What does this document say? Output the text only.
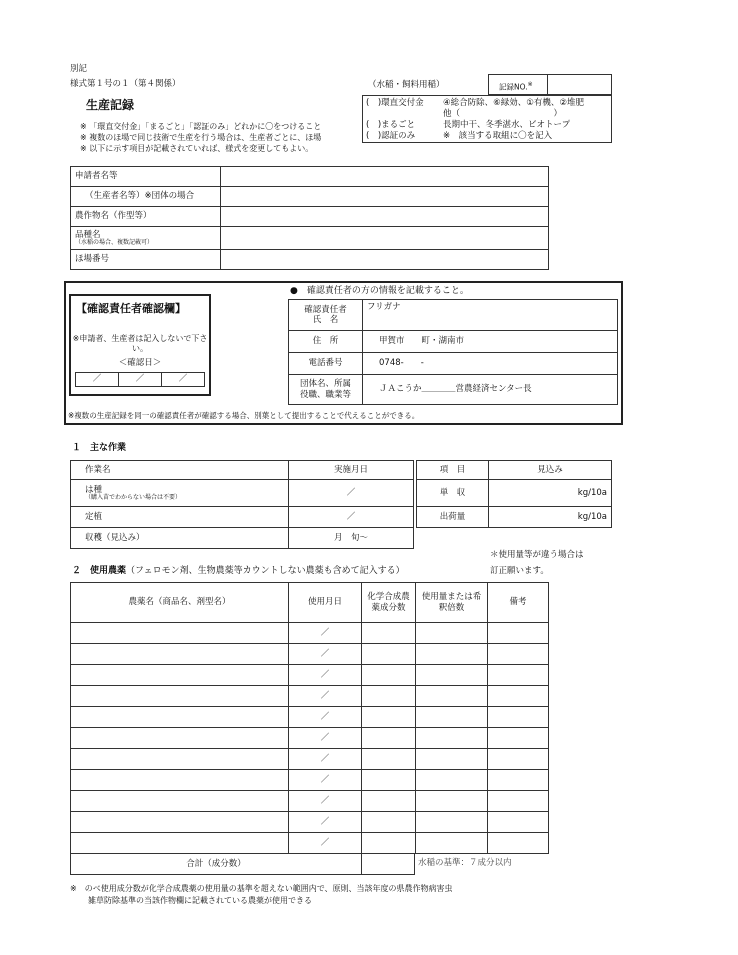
別記
様式第１号の１（第４関係）
生産記録
※ 「環直交付金」「まるごと」「認証のみ」どれかに〇をつけること
※ 複数のほ場で同じ技術で生産を行う場合は、生産者ごとに、ほ場
※ 以下に示す項目が記載されていれば、様式を変更してもよい。
（水稲・飼料用稲）	記録NO.※
(　)環直交付金 ④総合防除、⑥緑効、①有機、②堆肥
他（　　　　　　　　　　　）
(　)まるごと	長期中干、冬季湛水、ビオトープ
(　)認証のみ	※　該当する取組に〇を記入
申請者名等	
（生産者名等）※団体の場合	
農作物名（作型等）	

品種名
（水稲の場合、複数記載可）	

ほ場番号	
【確認責任者確認欄】
※申請者、生産者は記入しないで下さい。
＜確認日＞
／	／	／
●　確認責任者の方の情報を記載すること。
確認責任者
氏　名	フリガナ
住　所	甲賀市　　町・湖南市
電話番号	0748-　　-
団体名、所属
役職、職業等	ＪＡこうか＿＿＿＿営農経済センター長
※複数の生産記録を同一の確認責任者が確認する場合、別葉として提出することで代えることができる。
１　主な作業
作業名	実施月日

は種
（購入苗でわからない場合は不要）	／
定植	／
収穫（見込み）	月　旬～
項　目	見込み
単　収	kg/10a
出荷量	kg/10a
＊使用量等が違う場合は
訂正願います。
２　使用農薬（フェロモン剤、生物農薬等カウントしない農薬も含めて記入する）
農薬名（商品名、剤型名）	使用月日	化学合成農薬成分数	使用量または希釈倍数	備考
	／			
	／			
	／			
	／			
	／			
	／			
	／			
	／			
	／			
	／			
	／			
合計（成分数）		水稲の基準：７成分以内
※　のべ使用成分数が化学合成農薬の使用量の基準を超えない範囲内で、原則、当該年度の県農作物病害虫
雑草防除基準の当該作物欄に記載されている農薬が使用できる
